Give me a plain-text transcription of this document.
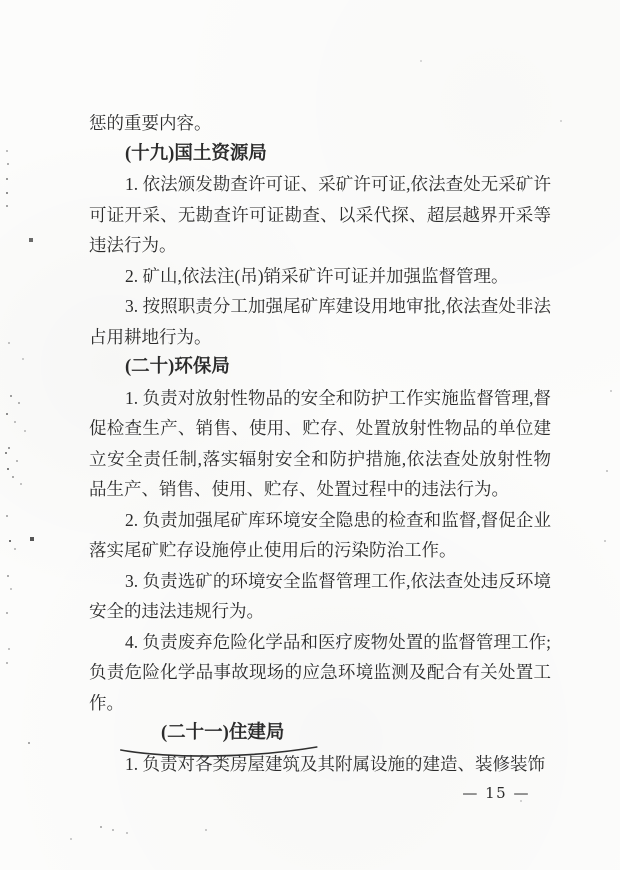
惩的重要内容。
(十九)国土资源局
1. 依法颁发勘查许可证、采矿许可证,依法查处无采矿许可证开采、无勘查许可证勘查、以采代探、超层越界开采等违法行为。
2. 矿山,依法注(吊)销采矿许可证并加强监督管理。
3. 按照职责分工加强尾矿库建设用地审批,依法查处非法占用耕地行为。
(二十)环保局
1. 负责对放射性物品的安全和防护工作实施监督管理,督促检查生产、销售、使用、贮存、处置放射性物品的单位建立安全责任制,落实辐射安全和防护措施,依法查处放射性物品生产、销售、使用、贮存、处置过程中的违法行为。
2. 负责加强尾矿库环境安全隐患的检查和监督,督促企业落实尾矿贮存设施停止使用后的污染防治工作。
3. 负责选矿的环境安全监督管理工作,依法查处违反环境安全的违法违规行为。
4. 负责废弃危险化学品和医疗废物处置的监督管理工作;负责危险化学品事故现场的应急环境监测及配合有关处置工作。
(二十一)住建局
1. 负责对各类房屋建筑及其附属设施的建造、装修装饰
— 15 —
